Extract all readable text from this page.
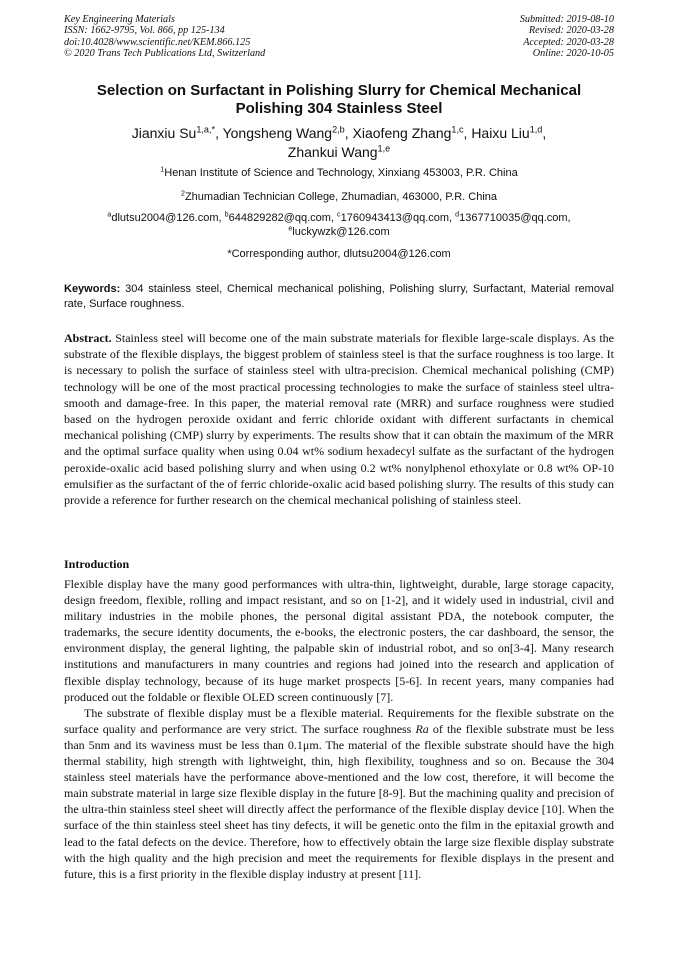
Key Engineering Materials
ISSN: 1662-9795, Vol. 866, pp 125-134
doi:10.4028/www.scientific.net/KEM.866.125
© 2020 Trans Tech Publications Ltd, Switzerland
Submitted: 2019-08-10
Revised: 2020-03-28
Accepted: 2020-03-28
Online: 2020-10-05
Selection on Surfactant in Polishing Slurry for Chemical Mechanical
Polishing 304 Stainless Steel
Jianxiu $Su^{1,a,*}$, Yongsheng Wang$^{2,b}$, Xiaofeng Zhang$^{1,c}$, Haixu Liu$^{1,d}$,
Zhankui Wang$^{1,e}$
$^1$Henan Institute of Science and Technology, Xinxiang 453003, P.R. China
$^2$Zhumadian Technician College, Zhumadian, 463000, P.R. China
$^a$dlutsu2004@126.com, $^b$644829282@qq.com, $^c$1760943413@qq.com, $^d$1367710035@qq.com,
$^e$luckywzk@126.com
*Corresponding author, dlutsu2004@126.com
Keywords: 304 stainless steel, Chemical mechanical polishing, Polishing slurry, Surfactant, Material removal rate, Surface roughness.
Abstract. Stainless steel will become one of the main substrate materials for flexible large-scale displays. As the substrate of the flexible displays, the biggest problem of stainless steel is that the surface roughness is too large. It is necessary to polish the surface of stainless steel with ultra-precision. Chemical mechanical polishing (CMP) technology will be one of the most practical processing technologies to make the surface of stainless steel ultra-smooth and damage-free. In this paper, the material removal rate (MRR) and surface roughness were studied based on the hydrogen peroxide oxidant and ferric chloride oxidant with different surfactants in chemical mechanical polishing (CMP) slurry by experiments. The results show that it can obtain the maximum of the MRR and the optimal surface quality when using 0.04 wt% sodium hexadecyl sulfate as the surfactant of the hydrogen peroxide-oxalic acid based polishing slurry and when using 0.2 wt% nonylphenol ethoxylate or 0.8 wt% OP-10 emulsifier as the surfactant of the of ferric chloride-oxalic acid based polishing slurry. The results of this study can provide a reference for further research on the chemical mechanical polishing of stainless steel.
Introduction

Flexible display have the many good performances with ultra-thin, lightweight, durable, large storage capacity, design freedom, flexible, rolling and impact resistant, and so on [1-2], and it widely used in industrial, civil and military industries in the mobile phones, the personal digital assistant PDA, the notebook computer, the trademarks, the secure identity documents, the e-books, the electronic posters, the car dashboard, the sensor, the environment display, the general lighting, the palpable skin of industrial robot, and so on[3-4]. Many research institutions and manufacturers in many countries and regions had joined into the research and application of flexible display technology, because of its huge market prospects [5-6]. In recent years, many companies had produced out the foldable or flexible OLED screen continuously [7].

The substrate of flexible display must be a flexible material. Requirements for the flexible substrate on the surface quality and performance are very strict. The surface roughness Ra of the flexible substrate must be less than 5nm and its waviness must be less than 0.1μm. The material of the flexible substrate should have the high thermal stability, high strength with lightweight, thin, high flexibility, toughness and so on. Because the 304 stainless steel materials have the performance above-mentioned and the low cost, therefore, it will become the main substrate material in large size flexible display in the future [8-9]. But the machining quality and precision of the ultra-thin stainless steel sheet will directly affect the performance of the flexible display device [10]. When the surface of the thin stainless steel sheet has tiny defects, it will be genetic onto the film in the epitaxial growth and lead to the fatal defects on the device. Therefore, how to effectively obtain the large size flexible display substrate with the high quality and the high precision and meet the requirements for flexible displays in the present and future, this is a first priority in the flexible display industry at present [11].
